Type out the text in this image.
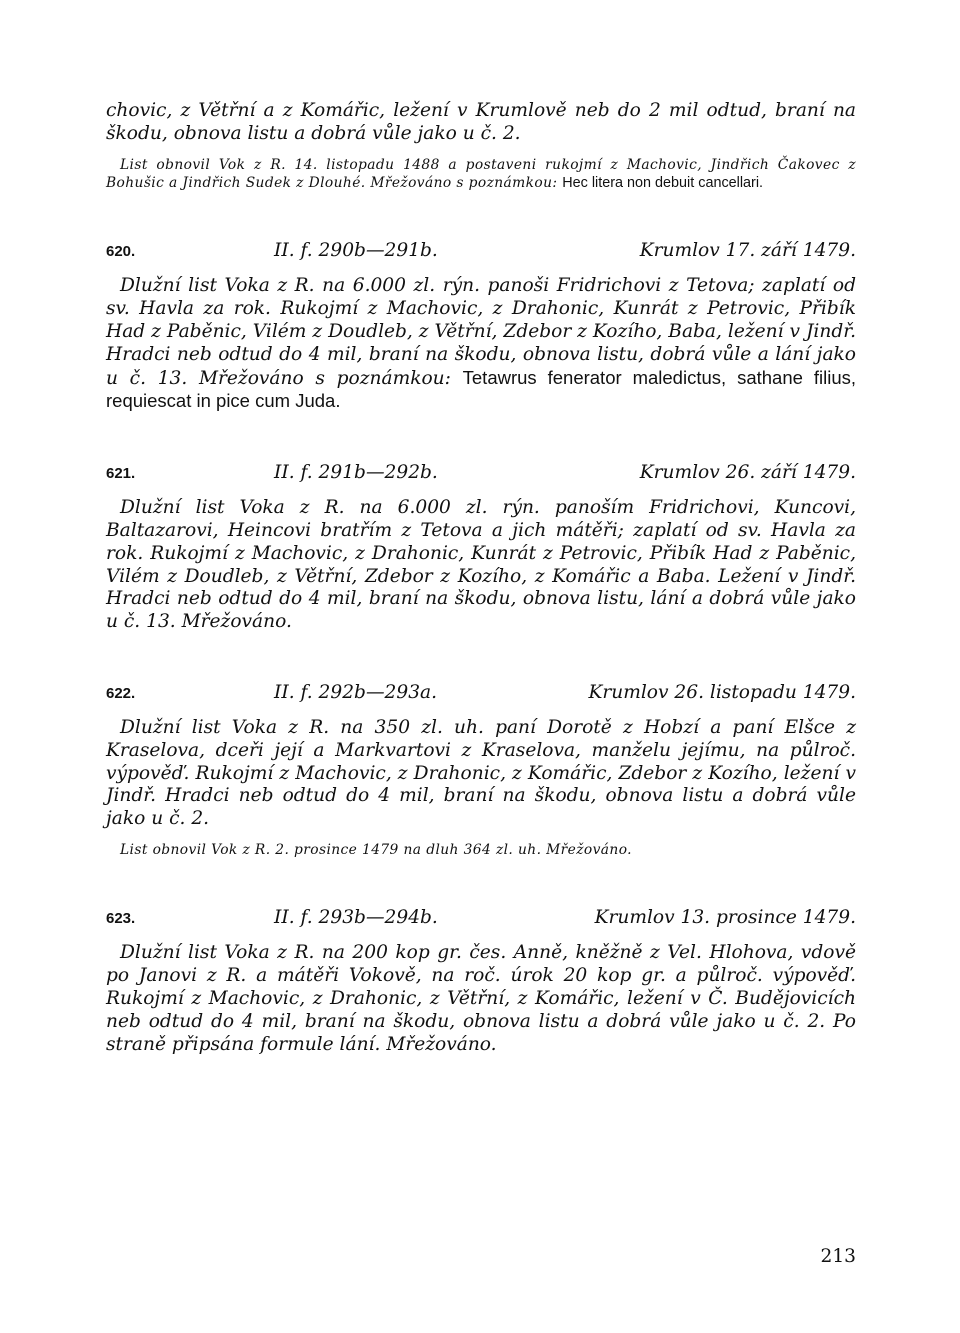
chovic, z Větřní a z Komářic, ležení v Krumlově neb do 2 mil odtud, braní na škodu, obnova listu a dobrá vůle jako u č. 2.

List obnovil Vok z R. 14. listopadu 1488 a postaveni rukojmí z Machovic, Jindřich Čakovec z Bohušic a Jindřich Sudek z Dlouhé. Mřežováno s poznámkou: Hec litera non debuit cancellari.

620.	II. f. 290b—291b.	Krumlov 17. září 1479.

Dlužní list Voka z R. na 6.000 zl. rýn. panoši Fridrichovi z Tetova; zaplatí od sv. Havla za rok. Rukojmí z Machovic, z Drahonic, Kunrát z Petrovic, Přibík Had z Paběnic, Vilém z Doudleb, z Větřní, Zdebor z Kozího, Baba, ležení v Jindř. Hradci neb odtud do 4 mil, braní na škodu, obnova listu, dobrá vůle a lání jako u č. 13. Mřežováno s poznámkou: Tetawrus fenerator maledictus, sathane filius, requiescat in pice cum Juda.

621.	II. f. 291b—292b.	Krumlov 26. září 1479.

Dlužní list Voka z R. na 6.000 zl. rýn. panoším Fridrichovi, Kuncovi, Baltazarovi, Heincovi bratřím z Tetova a jich mátěři; zaplatí od sv. Havla za rok. Rukojmí z Machovic, z Drahonic, Kunrát z Petrovic, Přibík Had z Paběnic, Vilém z Doudleb, z Větřní, Zdebor z Kozího, z Komářic a Baba. Ležení v Jindř. Hradci neb odtud do 4 mil, braní na škodu, obnova listu, lání a dobrá vůle jako u č. 13. Mřežováno.

622.	II. f. 292b—293a.	Krumlov 26. listopadu 1479.

Dlužní list Voka z R. na 350 zl. uh. paní Dorotě z Hobzí a paní Elšce z Kraselova, dceři její a Markvartovi z Kraselova, manželu jejímu, na půlroč. výpověď. Rukojmí z Machovic, z Drahonic, z Komářic, Zdebor z Kozího, ležení v Jindř. Hradci neb odtud do 4 mil, braní na škodu, obnova listu a dobrá vůle jako u č. 2.

List obnovil Vok z R. 2. prosince 1479 na dluh 364 zl. uh. Mřežováno.

623.	II. f. 293b—294b.	Krumlov 13. prosince 1479.

Dlužní list Voka z R. na 200 kop gr. čes. Anně, kněžně z Vel. Hlohova, vdově po Janovi z R. a mátěři Vokově, na roč. úrok 20 kop gr. a půlroč. výpověď. Rukojmí z Machovic, z Drahonic, z Větřní, z Komářic, ležení v Č. Budějovicích neb odtud do 4 mil, braní na škodu, obnova listu a dobrá vůle jako u č. 2. Po straně připsána formule lání. Mřežováno.

213
